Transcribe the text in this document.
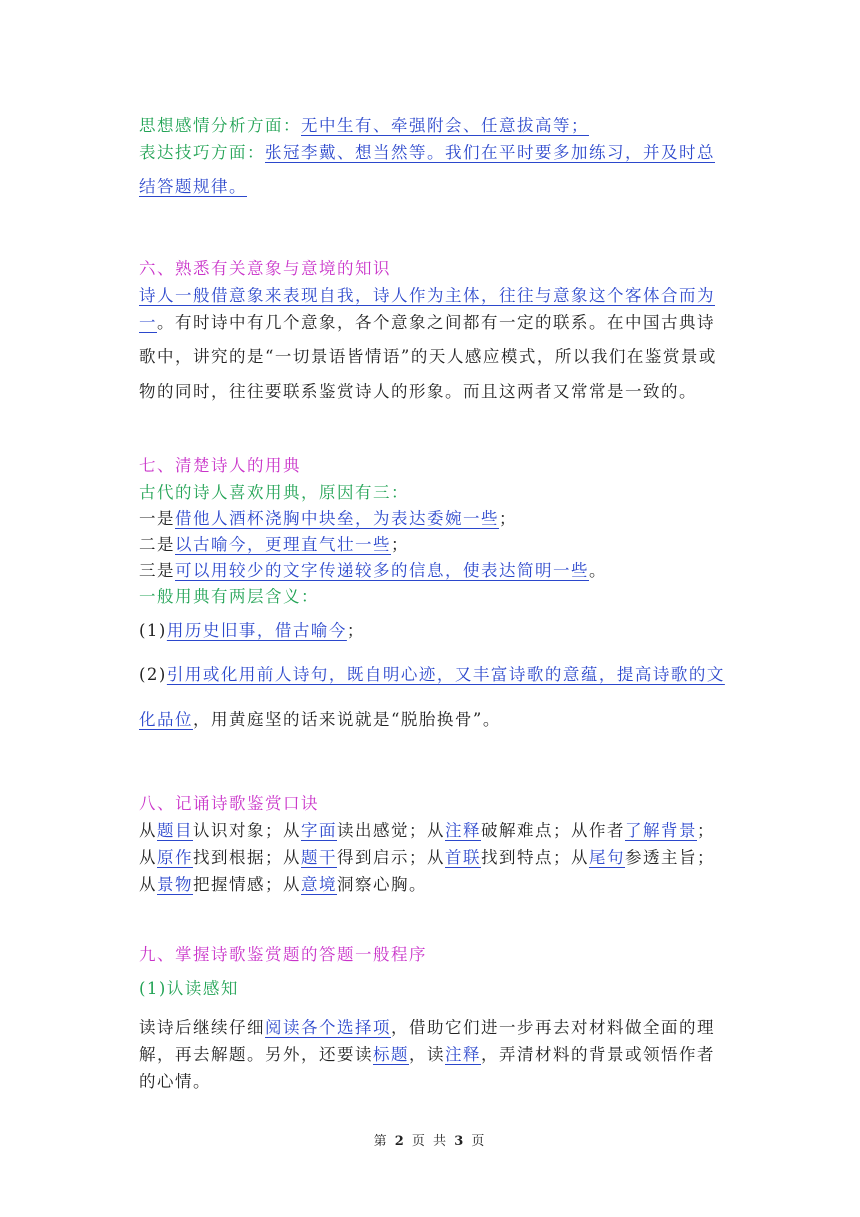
思想感情分析方面：无中生有、牵强附会、任意拔高等；
表达技巧方面：张冠李戴、想当然等。我们在平时要多加练习，并及时总
结答题规律。
六、熟悉有关意象与意境的知识
诗人一般借意象来表现自我，诗人作为主体，往往与意象这个客体合而为
一。有时诗中有几个意象，各个意象之间都有一定的联系。在中国古典诗
歌中，讲究的是“一切景语皆情语”的天人感应模式，所以我们在鉴赏景或
物的同时，往往要联系鉴赏诗人的形象。而且这两者又常常是一致的。
七、清楚诗人的用典
古代的诗人喜欢用典，原因有三：
一是借他人酒杯浇胸中块垒，为表达委婉一些；
二是以古喻今，更理直气壮一些；
三是可以用较少的文字传递较多的信息，使表达简明一些。
一般用典有两层含义：
(1)用历史旧事，借古喻今；
(2)引用或化用前人诗句，既自明心迹，又丰富诗歌的意蕴，提高诗歌的文
化品位，用黄庭坚的话来说就是“脱胎换骨”。
八、记诵诗歌鉴赏口诀
从题目认识对象；从字面读出感觉；从注释破解难点；从作者了解背景；
从原作找到根据；从题干得到启示；从首联找到特点；从尾句参透主旨；
从景物把握情感；从意境洞察心胸。
九、掌握诗歌鉴赏题的答题一般程序
(1)认读感知
读诗后继续仔细阅读各个选择项，借助它们进一步再去对材料做全面的理
解，再去解题。另外，还要读标题，读注释，弄清材料的背景或领悟作者
的心情。
第 2 页 共 3 页
